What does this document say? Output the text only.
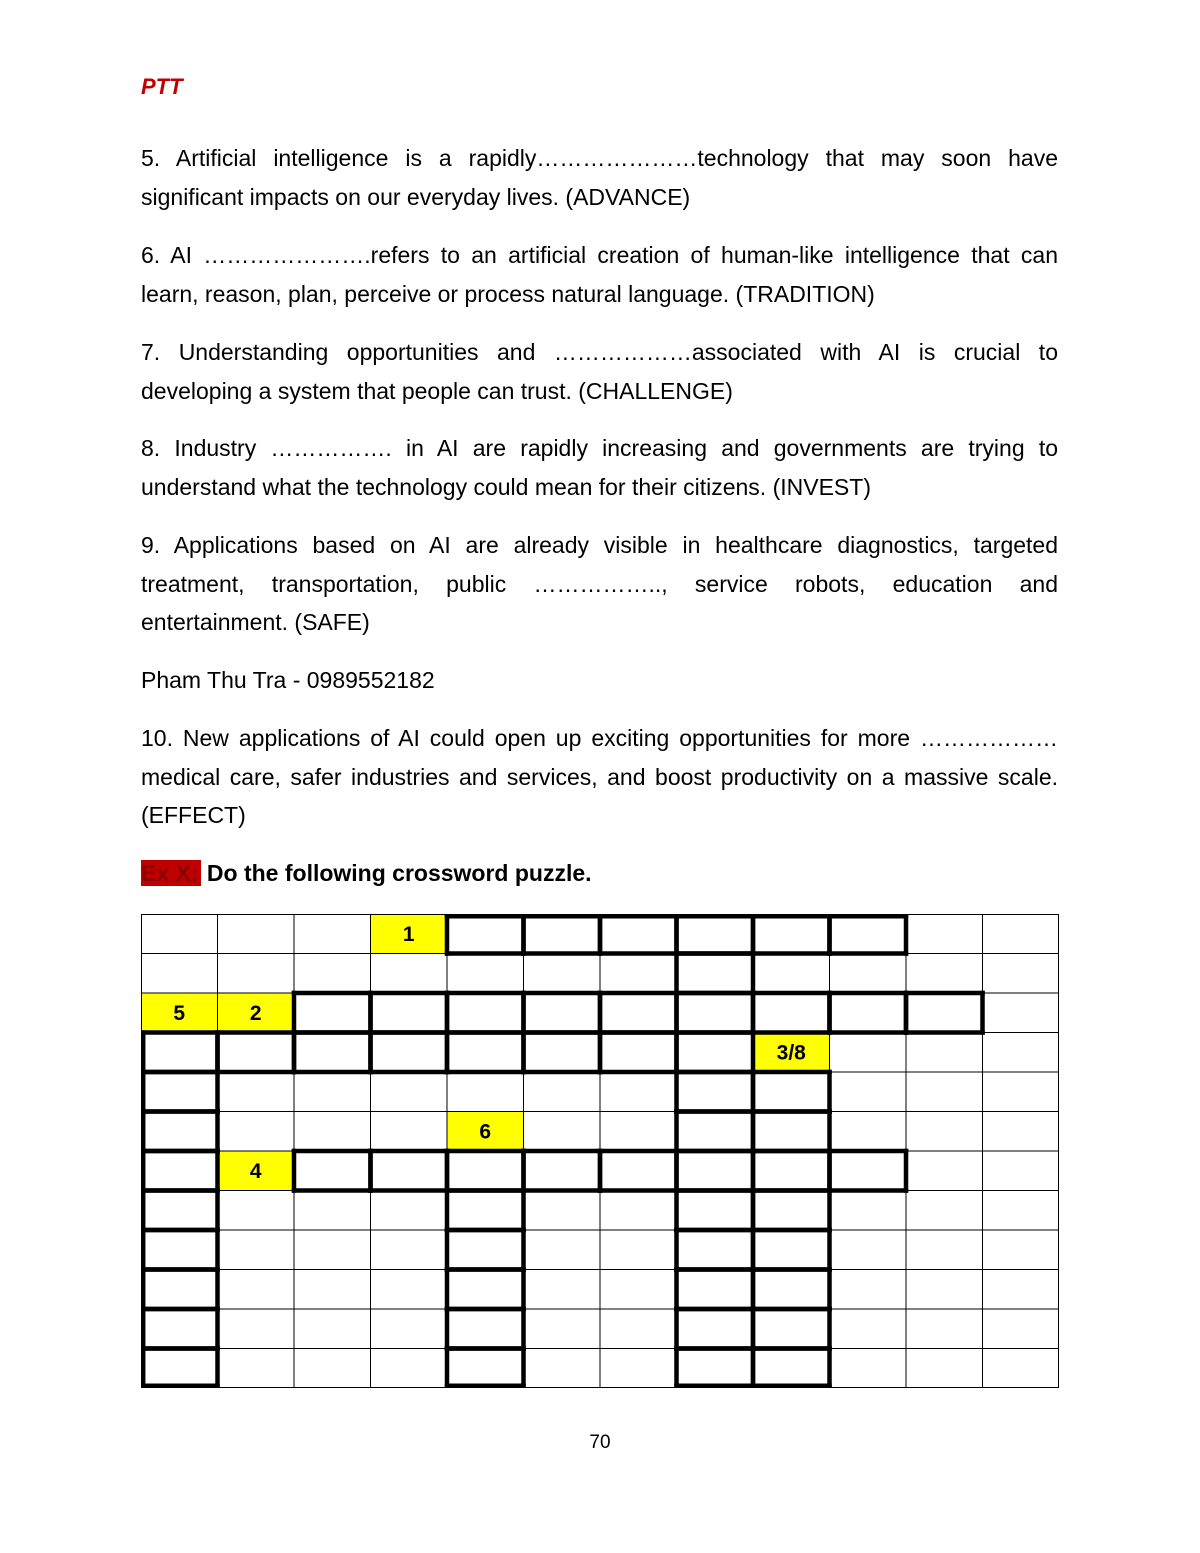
PTT

5. Artificial intelligence is a rapidly…………………technology that may soon have significant impacts on our everyday lives. (ADVANCE)

6. AI ………………….refers to an artificial creation of human-like intelligence that can learn, reason, plan, perceive or process natural language. (TRADITION)

7. Understanding opportunities and ………………associated with AI is crucial to developing a system that people can trust. (CHALLENGE)

8. Industry ……………. in AI are rapidly increasing and governments are trying to understand what the technology could mean for their citizens. (INVEST)

9. Applications based on AI are already visible in healthcare diagnostics, targeted treatment, transportation, public …………….., service robots, education and entertainment. (SAFE)

Pham Thu Tra - 0989552182

10. New applications of AI could open up exciting opportunities for more ………………medical care, safer industries and services, and boost productivity on a massive scale. (EFFECT)

Ex X: Do the following crossword puzzle.
1
5	2
3/8
6
4
70
